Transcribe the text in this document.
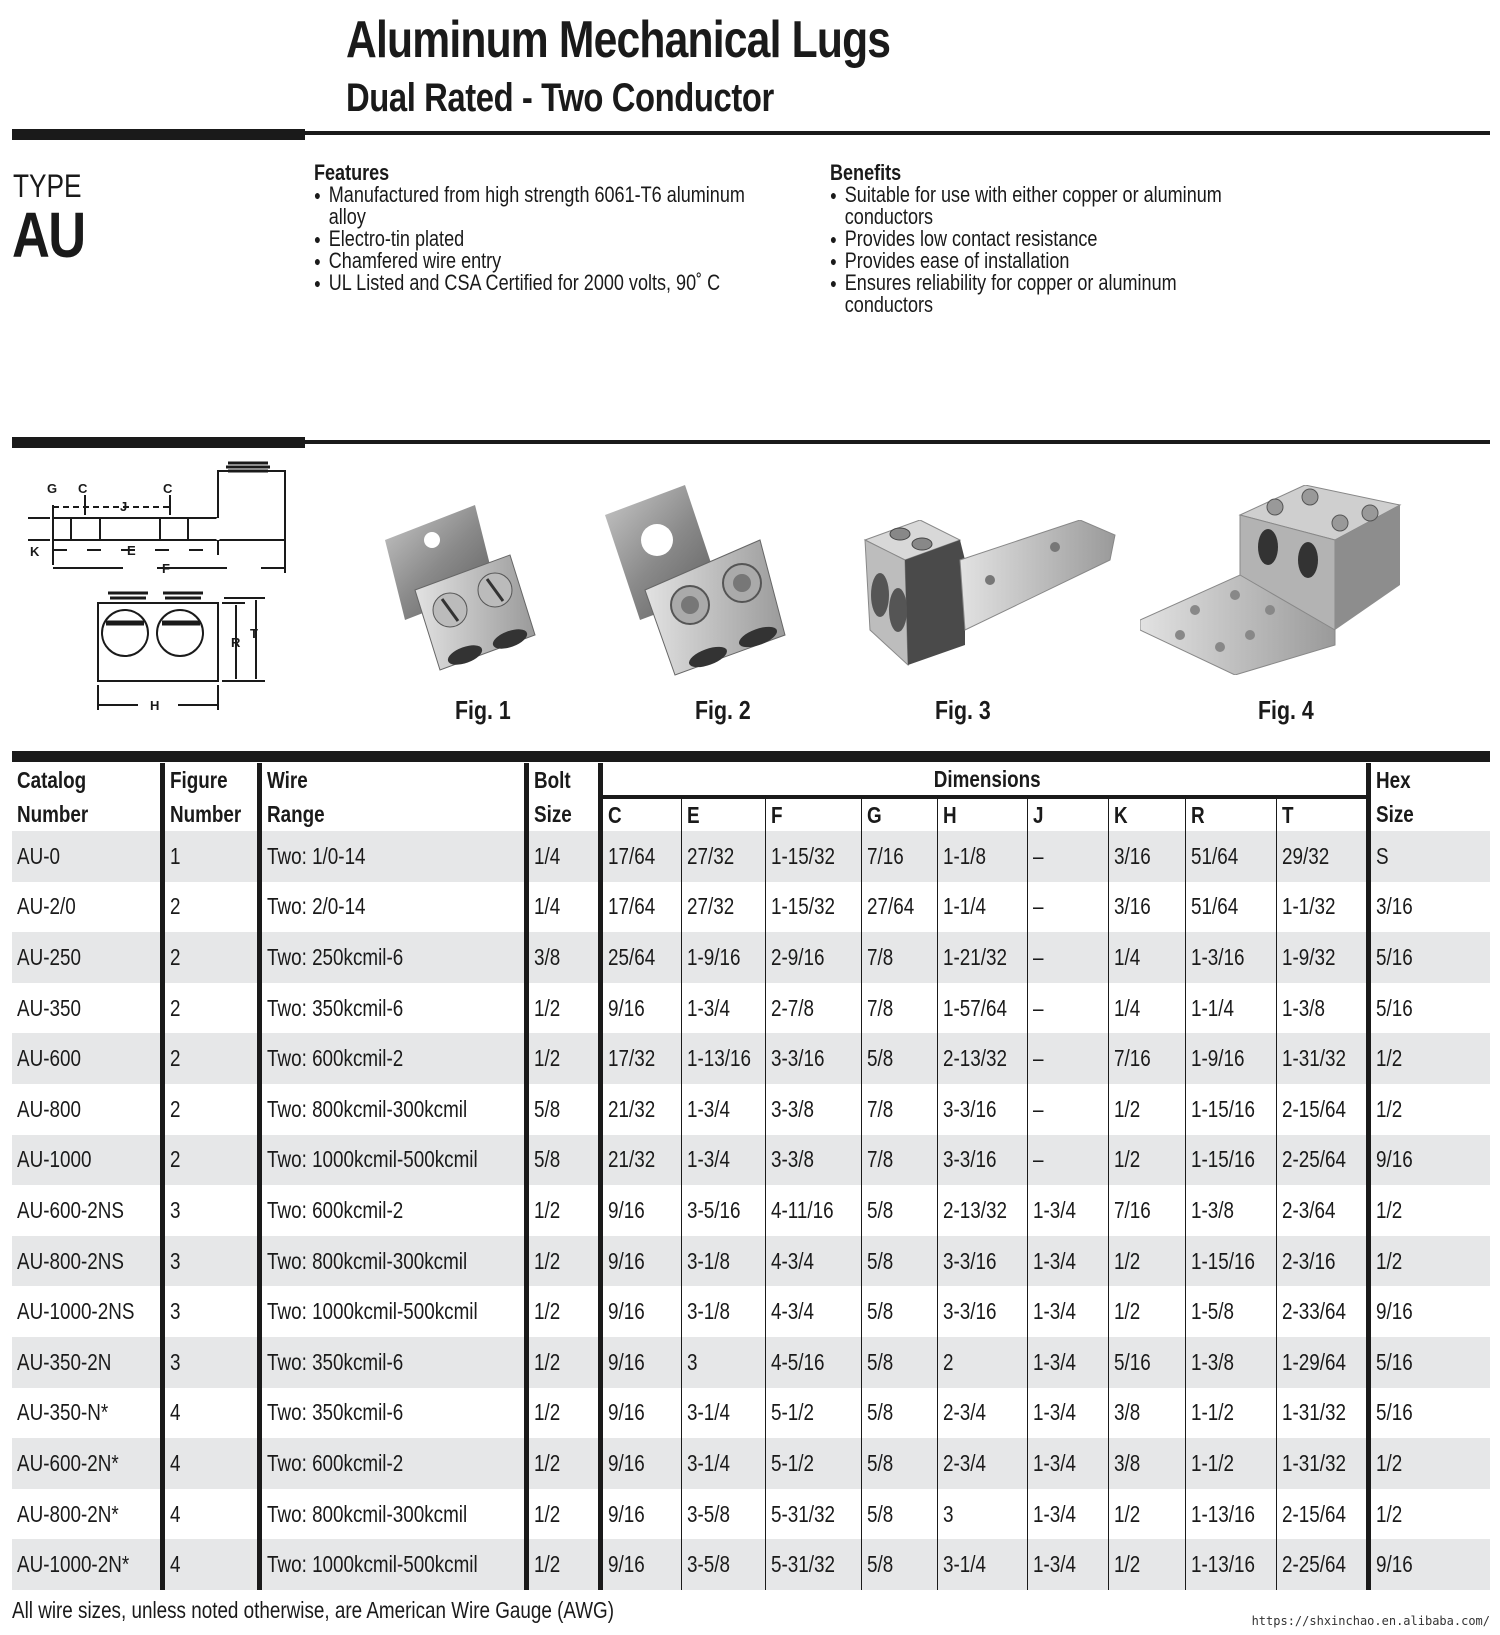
Aluminum Mechanical Lugs
Dual Rated - Two Conductor
TYPE
AU
Features
● Manufactured from high strength 6061-T6 aluminum alloy
● Electro-tin plated
● Chamfered wire entry
● UL Listed and CSA Certified for 2000 volts, 90˚ C
Benefits
● Suitable for use with either copper or aluminum conductors
● Provides low contact resistance
● Provides ease of installation
● Ensures reliability for copper or aluminum conductors
G C
J
C
E
F
K
R
T
H	Fig. 1	Fig. 2	Fig. 3	Fig. 4
Catalog	Figure	Wire	Bolt	Dimensions									Hex
Number	Number	Range	Size	C	E	F	G	H	J	K	R	T	Size
AU-0	1	Two: 1/0-14	1/4	17/64	27/32	1-15/32	7/16	1-1/8	–	3/16	51/64	29/32	S
AU-2/0	2	Two: 2/0-14	1/4	17/64	27/32	1-15/32	27/64	1-1/4	–	3/16	51/64	1-1/32	3/16
AU-250	2	Two: 250kcmil-6	3/8	25/64	1-9/16	2-9/16	7/8	1-21/32	–	1/4	1-3/16	1-9/32	5/16
AU-350	2	Two: 350kcmil-6	1/2	9/16	1-3/4	2-7/8	7/8	1-57/64	–	1/4	1-1/4	1-3/8	5/16
AU-600	2	Two: 600kcmil-2	1/2	17/32	1-13/16	3-3/16	5/8	2-13/32	–	7/16	1-9/16	1-31/32	1/2
AU-800	2	Two: 800kcmil-300kcmil	5/8	21/32	1-3/4	3-3/8	7/8	3-3/16	–	1/2	1-15/16	2-15/64	1/2
AU-1000	2	Two: 1000kcmil-500kcmil	5/8	21/32	1-3/4	3-3/8	7/8	3-3/16	–	1/2	1-15/16	2-25/64	9/16
AU-600-2NS	3	Two: 600kcmil-2	1/2	9/16	3-5/16	4-11/16	5/8	2-13/32	1-3/4	7/16	1-3/8	2-3/64	1/2
AU-800-2NS	3	Two: 800kcmil-300kcmil	1/2	9/16	3-1/8	4-3/4	5/8	3-3/16	1-3/4	1/2	1-15/16	2-3/16	1/2
AU-1000-2NS	3	Two: 1000kcmil-500kcmil	1/2	9/16	3-1/8	4-3/4	5/8	3-3/16	1-3/4	1/2	1-5/8	2-33/64	9/16
AU-350-2N	3	Two: 350kcmil-6	1/2	9/16	3	4-5/16	5/8	2	1-3/4	5/16	1-3/8	1-29/64	5/16
AU-350-N*	4	Two: 350kcmil-6	1/2	9/16	3-1/4	5-1/2	5/8	2-3/4	1-3/4	3/8	1-1/2	1-31/32	5/16
AU-600-2N*	4	Two: 600kcmil-2	1/2	9/16	3-1/4	5-1/2	5/8	2-3/4	1-3/4	3/8	1-1/2	1-31/32	1/2
AU-800-2N*	4	Two: 800kcmil-300kcmil	1/2	9/16	3-5/8	5-31/32	5/8	3	1-3/4	1/2	1-13/16	2-15/64	1/2
AU-1000-2N*	4	Two: 1000kcmil-500kcmil	1/2	9/16	3-5/8	5-31/32	5/8	3-1/4	1-3/4	1/2	1-13/16	2-25/64	9/16
All wire sizes, unless noted otherwise, are American Wire Gauge (AWG)	https://shxinchao.en.alibaba.com/
